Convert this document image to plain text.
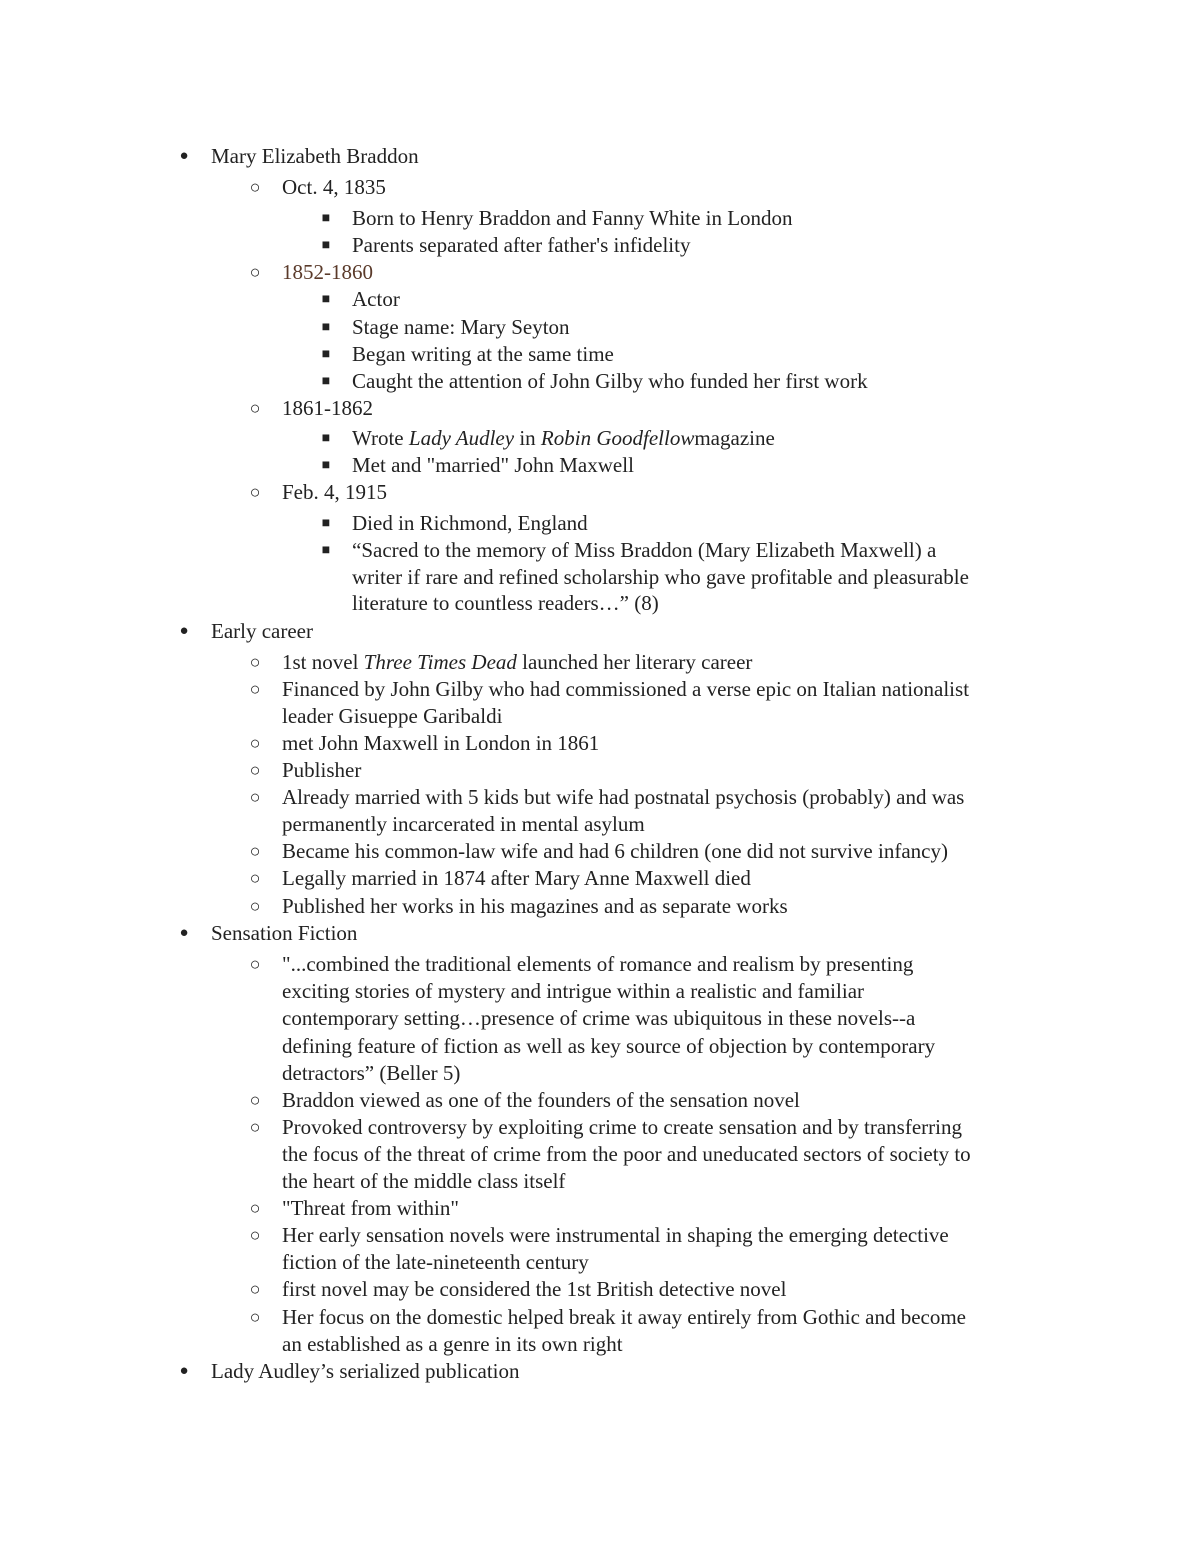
● Mary Elizabeth Braddon
○ Oct. 4, 1835
■ Born to Henry Braddon and Fanny White in London
■ Parents separated after father's infidelity
○ 1852-1860
■ Actor
■ Stage name: Mary Seyton
■ Began writing at the same time
■ Caught the attention of John Gilby who funded her first work
○ 1861-1862
■ Wrote Lady Audley in Robin Goodfellowmagazine
■ Met and "married" John Maxwell
○ Feb. 4, 1915
■ Died in Richmond, England
■ “Sacred to the memory of Miss Braddon (Mary Elizabeth Maxwell) a
writer if rare and refined scholarship who gave profitable and pleasurable
literature to countless readers…” (8)
● Early career
○ 1st novel Three Times Dead launched her literary career
○ Financed by John Gilby who had commissioned a verse epic on Italian nationalist
leader Gisueppe Garibaldi
○ met John Maxwell in London in 1861
○ Publisher
○ Already married with 5 kids but wife had postnatal psychosis (probably) and was
permanently incarcerated in mental asylum
○ Became his common-law wife and had 6 children (one did not survive infancy)
○ Legally married in 1874 after Mary Anne Maxwell died
○ Published her works in his magazines and as separate works
● Sensation Fiction
○ "...combined the traditional elements of romance and realism by presenting
exciting stories of mystery and intrigue within a realistic and familiar
contemporary setting…presence of crime was ubiquitous in these novels--a
defining feature of fiction as well as key source of objection by contemporary
detractors” (Beller 5)
○ Braddon viewed as one of the founders of the sensation novel
○ Provoked controversy by exploiting crime to create sensation and by transferring
the focus of the threat of crime from the poor and uneducated sectors of society to
the heart of the middle class itself
○ "Threat from within"
○ Her early sensation novels were instrumental in shaping the emerging detective
fiction of the late-nineteenth century
○ first novel may be considered the 1st British detective novel
○ Her focus on the domestic helped break it away entirely from Gothic and become
an established as a genre in its own right
● Lady Audley’s serialized publication
